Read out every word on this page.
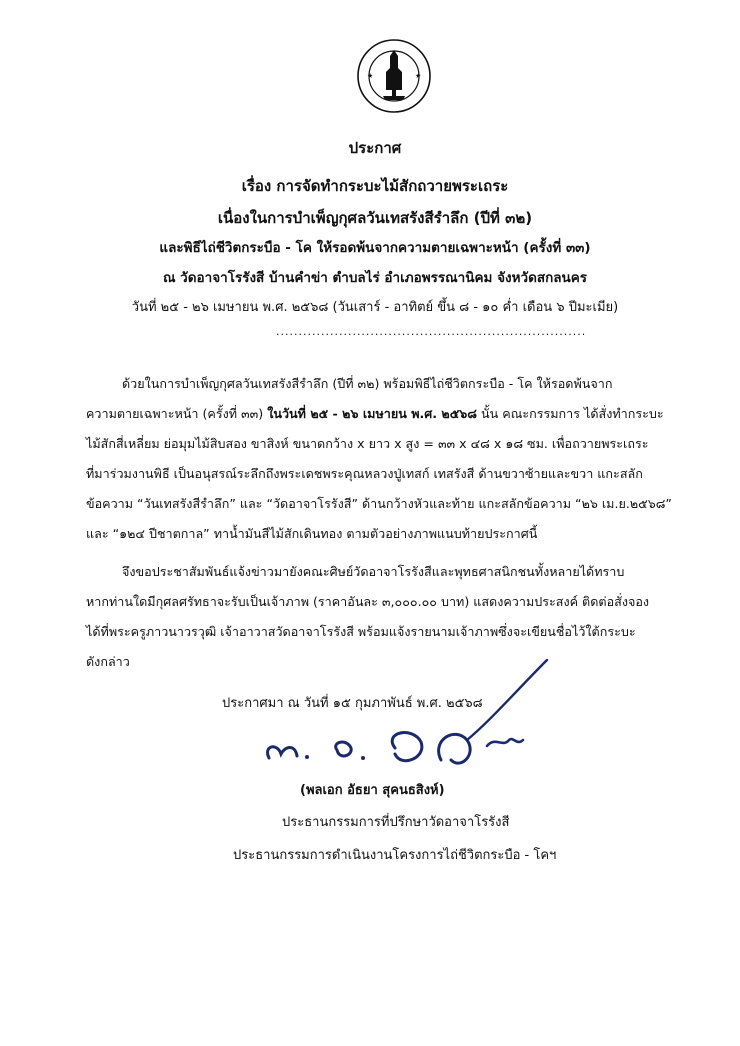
★	★
ประกาศ
เรื่อง การจัดทำกระบะไม้สักถวายพระเถระ
เนื่องในการบำเพ็ญกุศลวันเทสรังสีรำลึก (ปีที่ ๓๒)
และพิธีไถ่ชีวิตกระบือ - โค ให้รอดพ้นจากความตายเฉพาะหน้า (ครั้งที่ ๓๓)
ณ วัดอาจาโรรังสี บ้านคำข่า ตำบลไร่ อำเภอพรรณานิคม จังหวัดสกลนคร
วันที่ ๒๕ - ๒๖ เมษายน พ.ศ. ๒๕๖๘ (วันเสาร์ - อาทิตย์ ขึ้น ๘ - ๑๐ ค่ำ เดือน ๖ ปีมะเมีย)
.....................................................................
ด้วยในการบำเพ็ญกุศลวันเทสรังสีรำลึก (ปีที่ ๓๒) พร้อมพิธีไถ่ชีวิตกระบือ - โค ให้รอดพ้นจาก
ความตายเฉพาะหน้า (ครั้งที่ ๓๓) ในวันที่ ๒๕ - ๒๖ เมษายน พ.ศ. ๒๕๖๘ นั้น คณะกรรมการ ได้สั่งทำกระบะ
ไม้สักสี่เหลี่ยม ย่อมุมไม้สิบสอง ขาสิงห์ ขนาดกว้าง x ยาว x สูง = ๓๓ x ๔๘ x ๑๘ ซม. เพื่อถวายพระเถระ
ที่มาร่วมงานพิธี เป็นอนุสรณ์ระลึกถึงพระเดชพระคุณหลวงปู่เทสก์ เทสรังสี ด้านขวาซ้ายและขวา แกะสลัก
ข้อความ “วันเทสรังสีรำลึก” และ “วัดอาจาโรรังสี” ด้านกว้างหัวและท้าย แกะสลักข้อความ “๒๖ เม.ย.๒๕๖๘”
และ “๑๒๔ ปีชาตกาล” ทาน้ำมันสีไม้สักเดินทอง ตามตัวอย่างภาพแนบท้ายประกาศนี้
จึงขอประชาสัมพันธ์แจ้งข่าวมายังคณะศิษย์วัดอาจาโรรังสีและพุทธศาสนิกชนทั้งหลายได้ทราบ
หากท่านใดมีกุศลศรัทธาจะรับเป็นเจ้าภาพ (ราคาอันละ ๓,๐๐๐.๐๐ บาท) แสดงความประสงค์ ติดต่อสั่งจอง
ได้ที่พระครูภาวนาวรวุฒิ เจ้าอาวาสวัดอาจาโรรังสี พร้อมแจ้งรายนามเจ้าภาพซึ่งจะเขียนชื่อไว้ใต้กระบะ
ดังกล่าว
ประกาศมา ณ วันที่ ๑๕ กุมภาพันธ์ พ.ศ. ๒๕๖๘
(พลเอก อัธยา สุคนธสิงห์)
ประธานกรรมการที่ปรึกษาวัดอาจาโรรังสี
ประธานกรรมการดำเนินงานโครงการไถ่ชีวิตกระบือ - โคฯ
